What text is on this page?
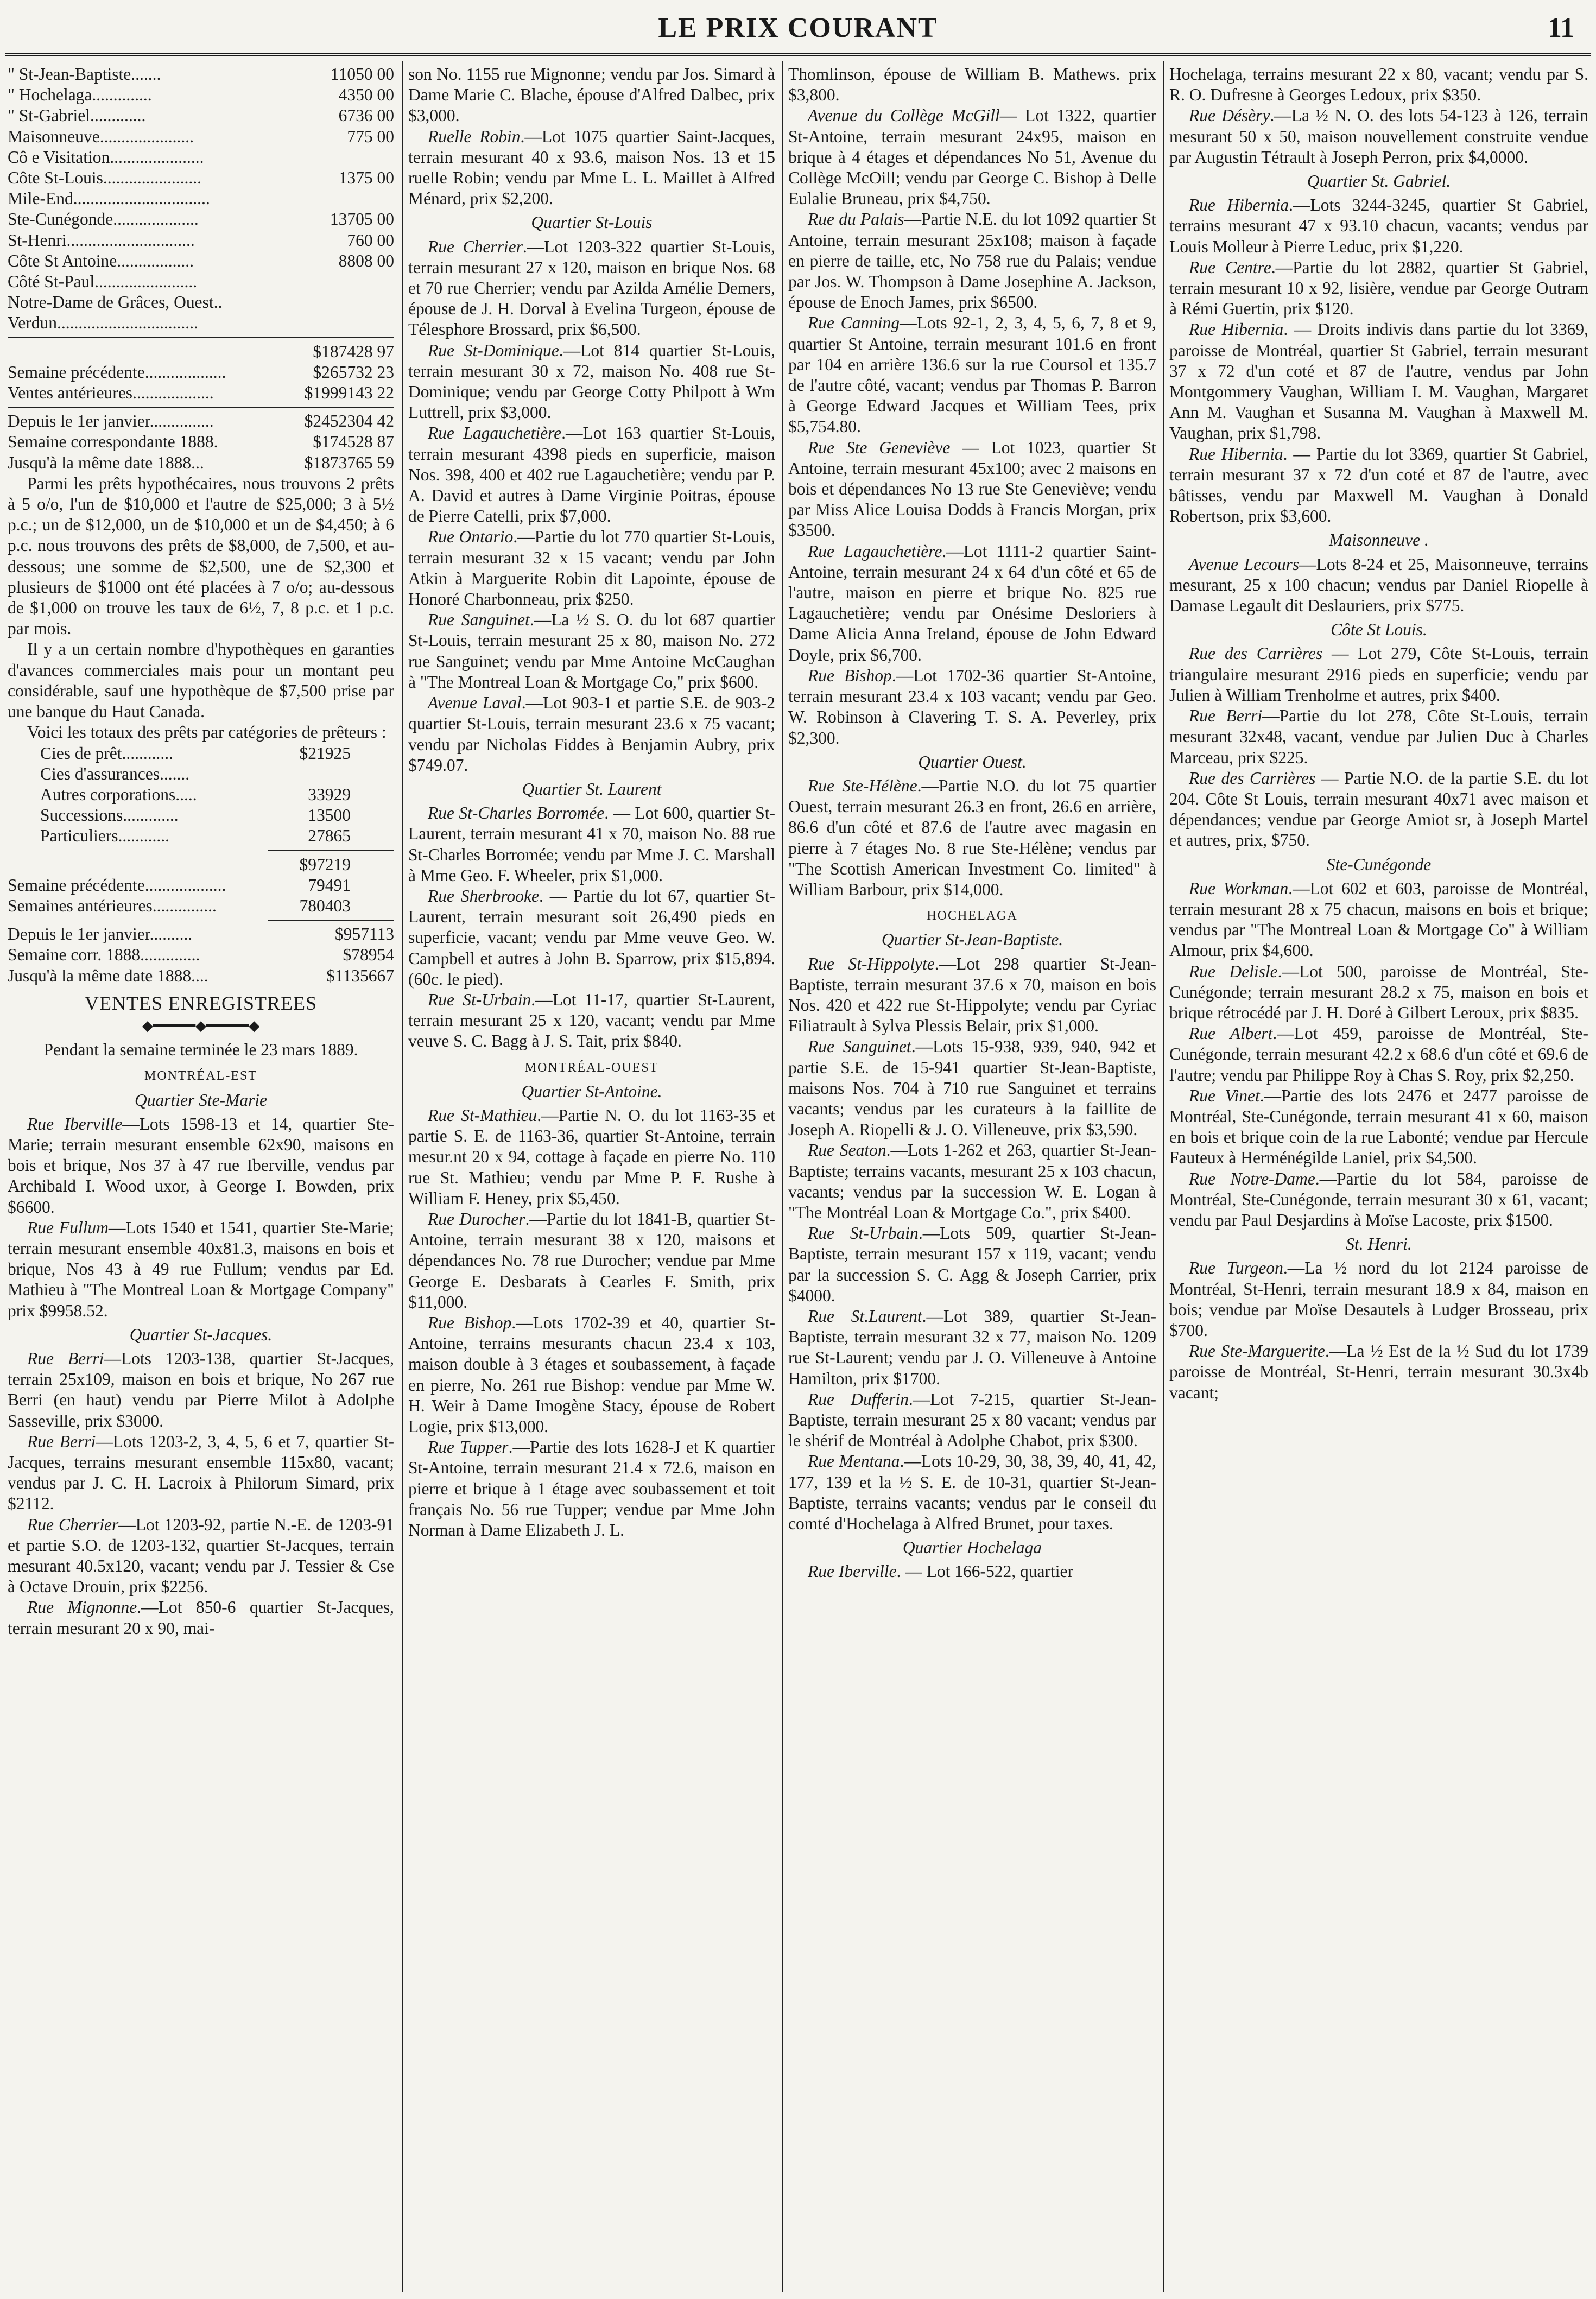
LE PRIX COURANT	11
" St-Jean-Baptiste.......	11050 00
" Hochelaga..............	4350 00
" St-Gabriel.............	6736 00
Maisonneuve......................	775 00
Cô e Visitation......................	
Côte St-Louis.......................	1375 00
Mile-End................................	
Ste-Cunégonde....................	13705 00
St-Henri..............................	760 00
Côte St Antoine..................	8808 00
Côté St-Paul........................	
Notre-Dame de Grâces, Ouest..	
Verdun.................................	
	$187428 97
Semaine précédente...................	$265732 23
Ventes antérieures...................	$1999143 22
Depuis le 1er janvier...............	$2452304 42
Semaine correspondante 1888.	$174528 87
Jusqu'à la même date 1888...	$1873765 59

Parmi les prêts hypothécaires, nous trouvons 2 prêts à 5 o/o, l'un de $10,000 et l'autre de $25,000; 3 à 5½ p.c.; un de $12,000, un de $10,000 et un de $4,450; à 6 p.c. nous trouvons des prêts de $8,000, de 7,500, et au-dessous; une somme de $2,500, une de $2,300 et plusieurs de $1000 ont été placées à 7 o/o; au-dessous de $1,000 on trouve les taux de 6½, 7, 8 p.c. et 1 p.c. par mois.

Il y a un certain nombre d'hypothèques en garanties d'avances commerciales mais pour un montant peu considérable, sauf une hypothèque de $7,500 prise par une banque du Haut Canada.

Voici les totaux des prêts par catégories de prêteurs :

Cies de prêt............	$21925
Cies d'assurances.......	
Autres corporations.....	33929
Successions.............	13500
Particuliers............	27865
	$97219
Semaine précédente...................	79491
Semaines antérieures...............	780403
Depuis le 1er janvier..........	$957113
Semaine corr. 1888..............	$78954
Jusqu'à la même date 1888....	$1135667
VENTES ENREGISTREES
◆━━━━━◆━━━━━◆

Pendant la semaine terminée le 23 mars 1889.

MONTRÉAL-EST
Quartier Ste-Marie

Rue Iberville—Lots 1598-13 et 14, quartier Ste-Marie; terrain mesurant ensemble 62x90, maisons en bois et brique, Nos 37 à 47 rue Iberville, vendus par Archibald I. Wood uxor, à George I. Bowden, prix $6600.

Rue Fullum—Lots 1540 et 1541, quartier Ste-Marie; terrain mesurant ensemble 40x81.3, maisons en bois et brique, Nos 43 à 49 rue Fullum; vendus par Ed. Mathieu à "The Montreal Loan & Mortgage Company" prix $9958.52.

Quartier St-Jacques.

Rue Berri—Lots 1203-138, quartier St-Jacques, terrain 25x109, maison en bois et brique, No 267 rue Berri (en haut) vendu par Pierre Milot à Adolphe Sasseville, prix $3000.

Rue Berri—Lots 1203-2, 3, 4, 5, 6 et 7, quartier St-Jacques, terrains mesurant ensemble 115x80, vacant; vendus par J. C. H. Lacroix à Philorum Simard, prix $2112.

Rue Cherrier—Lot 1203-92, partie N.-E. de 1203-91 et partie S.O. de 1203-132, quartier St-Jacques, terrain mesurant 40.5x120, vacant; vendu par J. Tessier & Cse à Octave Drouin, prix $2256.

Rue Mignonne.—Lot 850-6 quartier St-Jacques, terrain mesurant 20 x 90, mai-

son No. 1155 rue Mignonne; vendu par Jos. Simard à Dame Marie C. Blache, épouse d'Alfred Dalbec, prix $3,000.

Ruelle Robin.—Lot 1075 quartier Saint-Jacques, terrain mesurant 40 x 93.6, maison Nos. 13 et 15 ruelle Robin; vendu par Mme L. L. Maillet à Alfred Ménard, prix $2,200.

Quartier St-Louis

Rue Cherrier.—Lot 1203-322 quartier St-Louis, terrain mesurant 27 x 120, maison en brique Nos. 68 et 70 rue Cherrier; vendu par Azilda Amélie Demers, épouse de J. H. Dorval à Evelina Turgeon, épouse de Télesphore Brossard, prix $6,500.

Rue St-Dominique.—Lot 814 quartier St-Louis, terrain mesurant 30 x 72, maison No. 408 rue St-Dominique; vendu par George Cotty Philpott à Wm Luttrell, prix $3,000.

Rue Lagauchetière.—Lot 163 quartier St-Louis, terrain mesurant 4398 pieds en superficie, maison Nos. 398, 400 et 402 rue Lagauchetière; vendu par P. A. David et autres à Dame Virginie Poitras, épouse de Pierre Catelli, prix $7,000.

Rue Ontario.—Partie du lot 770 quartier St-Louis, terrain mesurant 32 x 15 vacant; vendu par John Atkin à Marguerite Robin dit Lapointe, épouse de Honoré Charbonneau, prix $250.

Rue Sanguinet.—La ½ S. O. du lot 687 quartier St-Louis, terrain mesurant 25 x 80, maison No. 272 rue Sanguinet; vendu par Mme Antoine McCaughan à "The Montreal Loan & Mortgage Co," prix $600.

Avenue Laval.—Lot 903-1 et partie S.E. de 903-2 quartier St-Louis, terrain mesurant 23.6 x 75 vacant; vendu par Nicholas Fiddes à Benjamin Aubry, prix $749.07.

Quartier St. Laurent

Rue St-Charles Borromée. — Lot 600, quartier St-Laurent, terrain mesurant 41 x 70, maison No. 88 rue St-Charles Borromée; vendu par Mme J. C. Marshall à Mme Geo. F. Wheeler, prix $1,000.

Rue Sherbrooke. — Partie du lot 67, quartier St-Laurent, terrain mesurant soit 26,490 pieds en superficie, vacant; vendu par Mme veuve Geo. W. Campbell et autres à John B. Sparrow, prix $15,894. (60c. le pied).

Rue St-Urbain.—Lot 11-17, quartier St-Laurent, terrain mesurant 25 x 120, vacant; vendu par Mme veuve S. C. Bagg à J. S. Tait, prix $840.

MONTRÉAL-OUEST
Quartier St-Antoine.

Rue St-Mathieu.—Partie N. O. du lot 1163-35 et partie S. E. de 1163-36, quartier St-Antoine, terrain mesur.nt 20 x 94, cottage à façade en pierre No. 110 rue St. Mathieu; vendu par Mme P. F. Rushe à William F. Heney, prix $5,450.

Rue Durocher.—Partie du lot 1841-B, quartier St-Antoine, terrain mesurant 38 x 120, maisons et dépendances No. 78 rue Durocher; vendue par Mme George E. Desbarats à Cearles F. Smith, prix $11,000.

Rue Bishop.—Lots 1702-39 et 40, quartier St-Antoine, terrains mesurants chacun 23.4 x 103, maison double à 3 étages et soubassement, à façade en pierre, No. 261 rue Bishop: vendue par Mme W. H. Weir à Dame Imogène Stacy, épouse de Robert Logie, prix $13,000.

Rue Tupper.—Partie des lots 1628-J et K quartier St-Antoine, terrain mesurant 21.4 x 72.6, maison en pierre et brique à 1 étage avec soubassement et toit français No. 56 rue Tupper; vendue par Mme John Norman à Dame Elizabeth J. L.

Thomlinson, épouse de William B. Mathews. prix $3,800.

Avenue du Collège McGill— Lot 1322, quartier St-Antoine, terrain mesurant 24x95, maison en brique à 4 étages et dépendances No 51, Avenue du Collège McOill; vendu par George C. Bishop à Delle Eulalie Bruneau, prix $4,750.

Rue du Palais—Partie N.E. du lot 1092 quartier St Antoine, terrain mesurant 25x108; maison à façade en pierre de taille, etc, No 758 rue du Palais; vendue par Jos. W. Thompson à Dame Josephine A. Jackson, épouse de Enoch James, prix $6500.

Rue Canning—Lots 92-1, 2, 3, 4, 5, 6, 7, 8 et 9, quartier St Antoine, terrain mesurant 101.6 en front par 104 en arrière 136.6 sur la rue Coursol et 135.7 de l'autre côté, vacant; vendus par Thomas P. Barron à George Edward Jacques et William Tees, prix $5,754.80.

Rue Ste Geneviève — Lot 1023, quartier St Antoine, terrain mesurant 45x100; avec 2 maisons en bois et dépendances No 13 rue Ste Geneviève; vendu par Miss Alice Louisa Dodds à Francis Morgan, prix $3500.

Rue Lagauchetière.—Lot 1111-2 quartier Saint-Antoine, terrain mesurant 24 x 64 d'un côté et 65 de l'autre, maison en pierre et brique No. 825 rue Lagauchetière; vendu par Onésime Desloriers à Dame Alicia Anna Ireland, épouse de John Edward Doyle, prix $6,700.

Rue Bishop.—Lot 1702-36 quartier St-Antoine, terrain mesurant 23.4 x 103 vacant; vendu par Geo. W. Robinson à Clavering T. S. A. Peverley, prix $2,300.

Quartier Ouest.

Rue Ste-Hélène.—Partie N.O. du lot 75 quartier Ouest, terrain mesurant 26.3 en front, 26.6 en arrière, 86.6 d'un côté et 87.6 de l'autre avec magasin en pierre à 7 étages No. 8 rue Ste-Hélène; vendus par "The Scottish American Investment Co. limited" à William Barbour, prix $14,000.

HOCHELAGA
Quartier St-Jean-Baptiste.

Rue St-Hippolyte.—Lot 298 quartier St-Jean-Baptiste, terrain mesurant 37.6 x 70, maison en bois Nos. 420 et 422 rue St-Hippolyte; vendu par Cyriac Filiatrault à Sylva Plessis Belair, prix $1,000.

Rue Sanguinet.—Lots 15-938, 939, 940, 942 et partie S.E. de 15-941 quartier St-Jean-Baptiste, maisons Nos. 704 à 710 rue Sanguinet et terrains vacants; vendus par les curateurs à la faillite de Joseph A. Riopelli & J. O. Villeneuve, prix $3,590.

Rue Seaton.—Lots 1-262 et 263, quartier St-Jean-Baptiste; terrains vacants, mesurant 25 x 103 chacun, vacants; vendus par la succession W. E. Logan à "The Montréal Loan & Mortgage Co.", prix $400.

Rue St-Urbain.—Lots 509, quartier St-Jean-Baptiste, terrain mesurant 157 x 119, vacant; vendu par la succession S. C. Agg & Joseph Carrier, prix $4000.

Rue St.Laurent.—Lot 389, quartier St-Jean-Baptiste, terrain mesurant 32 x 77, maison No. 1209 rue St-Laurent; vendu par J. O. Villeneuve à Antoine Hamilton, prix $1700.

Rue Dufferin.—Lot 7-215, quartier St-Jean-Baptiste, terrain mesurant 25 x 80 vacant; vendus par le shérif de Montréal à Adolphe Chabot, prix $300.

Rue Mentana.—Lots 10-29, 30, 38, 39, 40, 41, 42, 177, 139 et la ½ S. E. de 10-31, quartier St-Jean-Baptiste, terrains vacants; vendus par le conseil du comté d'Hochelaga à Alfred Brunet, pour taxes.

Quartier Hochelaga

Rue Iberville. — Lot 166-522, quartier

Hochelaga, terrains mesurant 22 x 80, vacant; vendu par S. R. O. Dufresne à Georges Ledoux, prix $350.

Rue Désèry.—La ½ N. O. des lots 54-123 à 126, terrain mesurant 50 x 50, maison nouvellement construite vendue par Augustin Tétrault à Joseph Perron, prix $4,0000.

Quartier St. Gabriel.

Rue Hibernia.—Lots 3244-3245, quartier St Gabriel, terrains mesurant 47 x 93.10 chacun, vacants; vendus par Louis Molleur à Pierre Leduc, prix $1,220.

Rue Centre.—Partie du lot 2882, quartier St Gabriel, terrain mesurant 10 x 92, lisière, vendue par George Outram à Rémi Guertin, prix $120.

Rue Hibernia. — Droits indivis dans partie du lot 3369, paroisse de Montréal, quartier St Gabriel, terrain mesurant 37 x 72 d'un coté et 87 de l'autre, vendus par John Montgommery Vaughan, William I. M. Vaughan, Margaret Ann M. Vaughan et Susanna M. Vaughan à Maxwell M. Vaughan, prix $1,798.

Rue Hibernia. — Partie du lot 3369, quartier St Gabriel, terrain mesurant 37 x 72 d'un coté et 87 de l'autre, avec bâtisses, vendu par Maxwell M. Vaughan à Donald Robertson, prix $3,600.

Maisonneuve .

Avenue Lecours—Lots 8-24 et 25, Maisonneuve, terrains mesurant, 25 x 100 chacun; vendus par Daniel Riopelle à Damase Legault dit Deslauriers, prix $775.

Côte St Louis.

Rue des Carrières — Lot 279, Côte St-Louis, terrain triangulaire mesurant 2916 pieds en superficie; vendu par Julien à William Trenholme et autres, prix $400.

Rue Berri—Partie du lot 278, Côte St-Louis, terrain mesurant 32x48, vacant, vendue par Julien Duc à Charles Marceau, prix $225.

Rue des Carrières — Partie N.O. de la partie S.E. du lot 204. Côte St Louis, terrain mesurant 40x71 avec maison et dépendances; vendue par George Amiot sr, à Joseph Martel et autres, prix, $750.

Ste-Cunégonde

Rue Workman.—Lot 602 et 603, paroisse de Montréal, terrain mesurant 28 x 75 chacun, maisons en bois et brique; vendus par "The Montreal Loan & Mortgage Co" à William Almour, prix $4,600.

Rue Delisle.—Lot 500, paroisse de Montréal, Ste-Cunégonde; terrain mesurant 28.2 x 75, maison en bois et brique rétrocédé par J. H. Doré à Gilbert Leroux, prix $835.

Rue Albert.—Lot 459, paroisse de Montréal, Ste-Cunégonde, terrain mesurant 42.2 x 68.6 d'un côté et 69.6 de l'autre; vendu par Philippe Roy à Chas S. Roy, prix $2,250.

Rue Vinet.—Partie des lots 2476 et 2477 paroisse de Montréal, Ste-Cunégonde, terrain mesurant 41 x 60, maison en bois et brique coin de la rue Labonté; vendue par Hercule Fauteux à Herménégilde Laniel, prix $4,500.

Rue Notre-Dame.—Partie du lot 584, paroisse de Montréal, Ste-Cunégonde, terrain mesurant 30 x 61, vacant; vendu par Paul Desjardins à Moïse Lacoste, prix $1500.

St. Henri.

Rue Turgeon.—La ½ nord du lot 2124 paroisse de Montréal, St-Henri, terrain mesurant 18.9 x 84, maison en bois; vendue par Moïse Desautels à Ludger Brosseau, prix $700.

Rue Ste-Marguerite.—La ½ Est de la ½ Sud du lot 1739 paroisse de Montréal, St-Henri, terrain mesurant 30.3x4b vacant;
